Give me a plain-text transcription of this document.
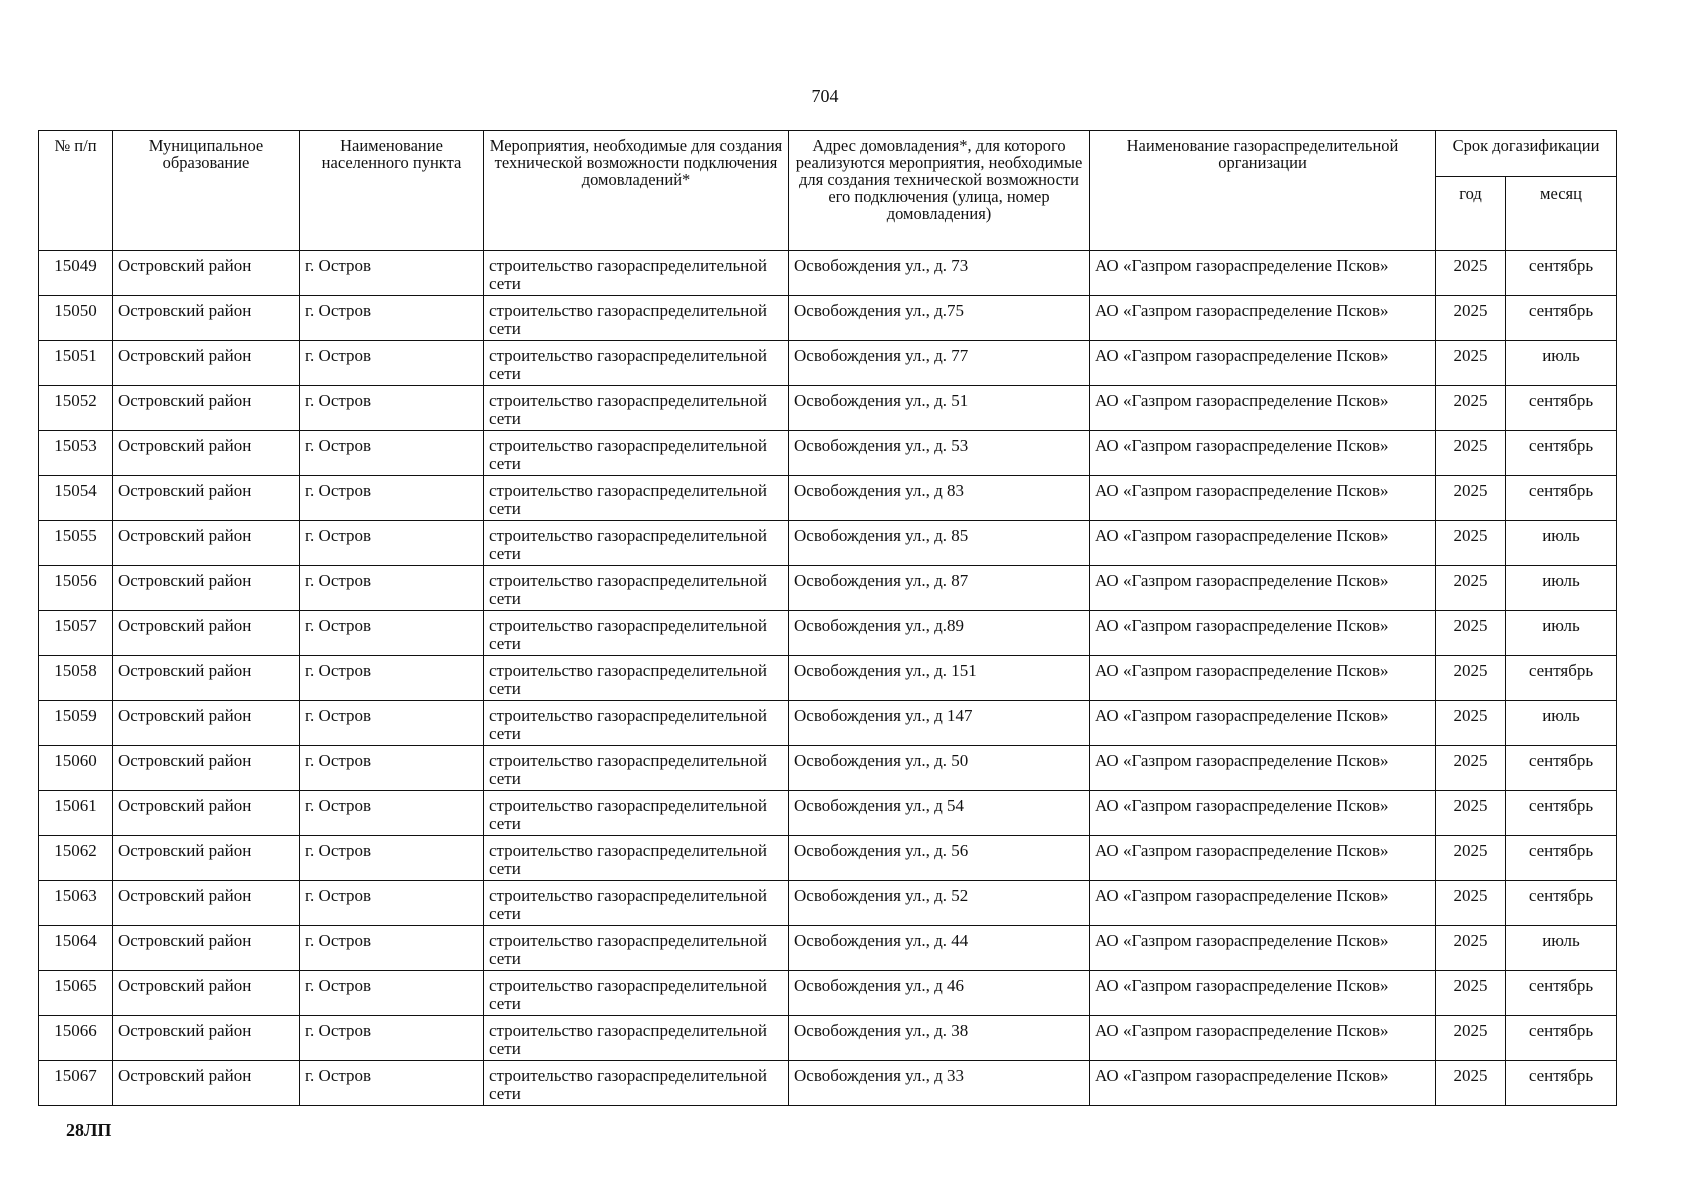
704
№ п/п	Муниципальное образование	Наименование населенного пункта	Мероприятия, необходимые для создания технической возможности подключения домовладений*	Адрес домовладения*, для которого реализуются мероприятия, необходимые для создания технической возможности его подключения (улица, номер домовладения)	Наименование газораспределительной организации	Срок догазификации	
						год	месяц
15049	Островский район	г. Остров	строительство газораспределительной сети	Освобождения ул., д. 73	АО «Газпром газораспределение Псков»	2025	сентябрь
15050	Островский район	г. Остров	строительство газораспределительной сети	Освобождения ул., д.75	АО «Газпром газораспределение Псков»	2025	сентябрь
15051	Островский район	г. Остров	строительство газораспределительной сети	Освобождения ул., д. 77	АО «Газпром газораспределение Псков»	2025	июль
15052	Островский район	г. Остров	строительство газораспределительной сети	Освобождения ул., д. 51	АО «Газпром газораспределение Псков»	2025	сентябрь
15053	Островский район	г. Остров	строительство газораспределительной сети	Освобождения ул., д. 53	АО «Газпром газораспределение Псков»	2025	сентябрь
15054	Островский район	г. Остров	строительство газораспределительной сети	Освобождения ул., д 83	АО «Газпром газораспределение Псков»	2025	сентябрь
15055	Островский район	г. Остров	строительство газораспределительной сети	Освобождения ул., д. 85	АО «Газпром газораспределение Псков»	2025	июль
15056	Островский район	г. Остров	строительство газораспределительной сети	Освобождения ул., д. 87	АО «Газпром газораспределение Псков»	2025	июль
15057	Островский район	г. Остров	строительство газораспределительной сети	Освобождения ул., д.89	АО «Газпром газораспределение Псков»	2025	июль
15058	Островский район	г. Остров	строительство газораспределительной сети	Освобождения ул., д. 151	АО «Газпром газораспределение Псков»	2025	сентябрь
15059	Островский район	г. Остров	строительство газораспределительной сети	Освобождения ул., д 147	АО «Газпром газораспределение Псков»	2025	июль
15060	Островский район	г. Остров	строительство газораспределительной сети	Освобождения ул., д. 50	АО «Газпром газораспределение Псков»	2025	сентябрь
15061	Островский район	г. Остров	строительство газораспределительной сети	Освобождения ул., д 54	АО «Газпром газораспределение Псков»	2025	сентябрь
15062	Островский район	г. Остров	строительство газораспределительной сети	Освобождения ул., д. 56	АО «Газпром газораспределение Псков»	2025	сентябрь
15063	Островский район	г. Остров	строительство газораспределительной сети	Освобождения ул., д. 52	АО «Газпром газораспределение Псков»	2025	сентябрь
15064	Островский район	г. Остров	строительство газораспределительной сети	Освобождения ул., д. 44	АО «Газпром газораспределение Псков»	2025	июль
15065	Островский район	г. Остров	строительство газораспределительной сети	Освобождения ул., д 46	АО «Газпром газораспределение Псков»	2025	сентябрь
15066	Островский район	г. Остров	строительство газораспределительной сети	Освобождения ул., д. 38	АО «Газпром газораспределение Псков»	2025	сентябрь
15067	Островский район	г. Остров	строительство газораспределительной сети	Освобождения ул., д 33	АО «Газпром газораспределение Псков»	2025	сентябрь
28ЛП
